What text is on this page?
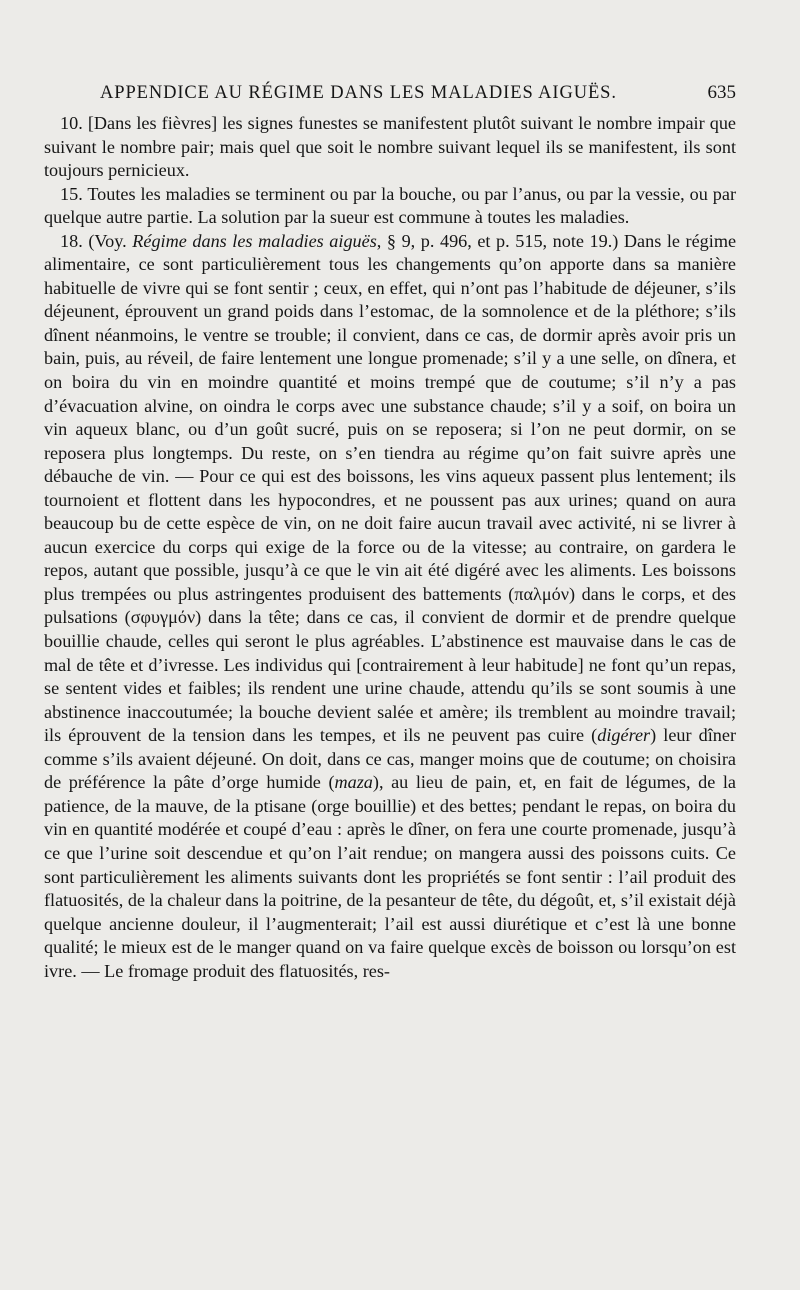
APPENDICE AU RÉGIME DANS LES MALADIES AIGUËS.	635

10. [Dans les fièvres] les signes funestes se manifestent plutôt suivant le nombre impair que suivant le nombre pair; mais quel que soit le nombre suivant lequel ils se manifestent, ils sont toujours pernicieux.

15. Toutes les maladies se terminent ou par la bouche, ou par l’anus, ou par la vessie, ou par quelque autre partie. La solution par la sueur est commune à toutes les maladies.

18. (Voy. Régime dans les maladies aiguës, § 9, p. 496, et p. 515, note 19.) Dans le régime alimentaire, ce sont particulièrement tous les changements qu’on apporte dans sa manière habituelle de vivre qui se font sentir ; ceux, en effet, qui n’ont pas l’habitude de déjeuner, s’ils déjeunent, éprouvent un grand poids dans l’estomac, de la somnolence et de la pléthore; s’ils dînent néanmoins, le ventre se trouble; il convient, dans ce cas, de dormir après avoir pris un bain, puis, au réveil, de faire lentement une longue promenade; s’il y a une selle, on dînera, et on boira du vin en moindre quantité et moins trempé que de coutume; s’il n’y a pas d’évacuation alvine, on oindra le corps avec une substance chaude; s’il y a soif, on boira un vin aqueux blanc, ou d’un goût sucré, puis on se reposera; si l’on ne peut dormir, on se reposera plus longtemps. Du reste, on s’en tiendra au régime qu’on fait suivre après une débauche de vin. — Pour ce qui est des boissons, les vins aqueux passent plus lentement; ils tournoient et flottent dans les hypocondres, et ne poussent pas aux urines; quand on aura beaucoup bu de cette espèce de vin, on ne doit faire aucun travail avec activité, ni se livrer à aucun exercice du corps qui exige de la force ou de la vitesse; au contraire, on gardera le repos, autant que possible, jusqu’à ce que le vin ait été digéré avec les aliments. Les boissons plus trempées ou plus astringentes produisent des battements (παλμόν) dans le corps, et des pulsations (σφυγμόν) dans la tête; dans ce cas, il convient de dormir et de prendre quelque bouillie chaude, celles qui seront le plus agréables. L’abstinence est mauvaise dans le cas de mal de tête et d’ivresse. Les individus qui [contrairement à leur habitude] ne font qu’un repas, se sentent vides et faibles; ils rendent une urine chaude, attendu qu’ils se sont soumis à une abstinence inaccoutumée; la bouche devient salée et amère; ils tremblent au moindre travail; ils éprouvent de la tension dans les tempes, et ils ne peuvent pas cuire (digérer) leur dîner comme s’ils avaient déjeuné. On doit, dans ce cas, manger moins que de coutume; on choisira de préférence la pâte d’orge humide (maza), au lieu de pain, et, en fait de légumes, de la patience, de la mauve, de la ptisane (orge bouillie) et des bettes; pendant le repas, on boira du vin en quantité modérée et coupé d’eau : après le dîner, on fera une courte promenade, jusqu’à ce que l’urine soit descendue et qu’on l’ait rendue; on mangera aussi des poissons cuits. Ce sont particulièrement les aliments suivants dont les propriétés se font sentir : l’ail produit des flatuosités, de la chaleur dans la poitrine, de la pesanteur de tête, du dégoût, et, s’il existait déjà quelque ancienne douleur, il l’augmenterait; l’ail est aussi diurétique et c’est là une bonne qualité; le mieux est de le manger quand on va faire quelque excès de boisson ou lorsqu’on est ivre. — Le fromage produit des flatuosités, res-
